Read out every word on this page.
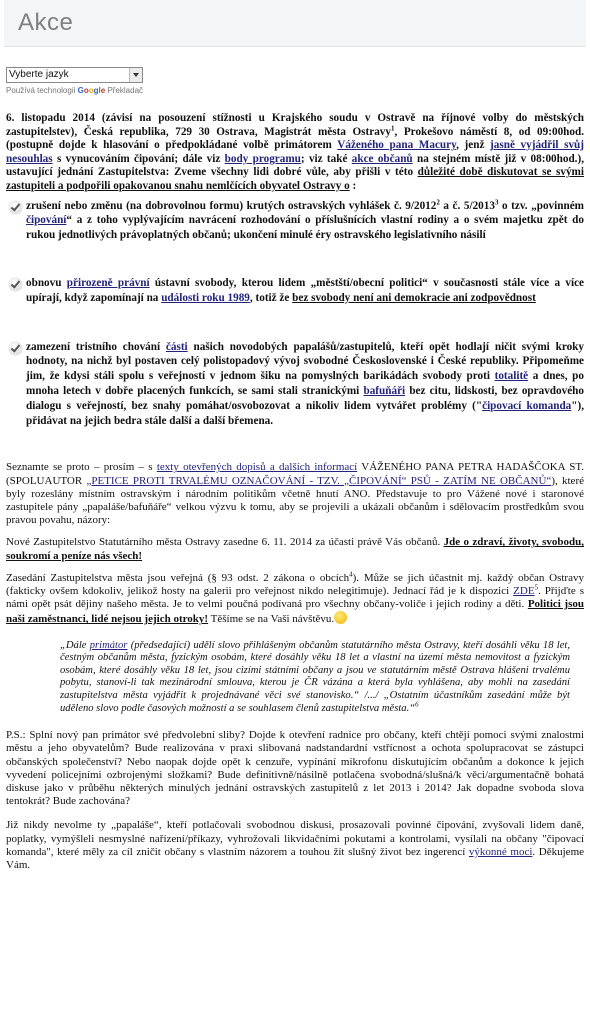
Akce
Vyberte jazyk
Používá technologii Google Překladač

6. listopadu 2014 (závisí na posouzení stížnosti u Krajského soudu v Ostravě na říjnové volby do městských zastupitelstev), Česká republika, 729 30 Ostrava, Magistrát města Ostravy$^1$, Prokešovo náměstí 8, od 09:00hod. (postupně dojde k hlasování o předpokládané volbě primátorem Váženého pana Macury, jenž jasně vyjádřil svůj nesouhlas s vynucováním čipování; dále viz body programu; viz také akce občanů na stejném místě již v 08:00hod.), ustavující jednání Zastupitelstva: Zveme všechny lidi dobré vůle, aby přišli v této důležité době diskutovat se svými zastupiteli a podpořili opakovanou snahu nemlčících obyvatel Ostravy o :

zrušení nebo změnu (na dobrovolnou formu) krutých ostravských vyhlášek č. 9/2012$^2$ a č. 5/2013$^3$ o tzv. „povinném čipování“ a z toho vyplývajícím navrácení rozhodování o příslušnících vlastní rodiny a o svém majetku zpět do rukou jednotlivých právoplatných občanů; ukončení minulé éry ostravského legislativního násilí
obnovu přirozeně právní ústavní svobody, kterou lidem „městští/obecní politici“ v současnosti stále více a více upírají, když zapomínají na události roku 1989, totiž že bez svobody není ani demokracie ani zodpovědnost
zamezení tristního chování části našich novodobých papalášů/zastupitelů, kteří opět hodlají ničit svými kroky hodnoty, na nichž byl postaven celý polistopadový vývoj svobodné Československé i České republiky. Připomeňme jim, že kdysi stáli spolu s veřejností v jednom šiku na pomyslných barikádách svobody proti totalitě a dnes, po mnoha letech v dobře placených funkcích, se sami stali stranickými bafuňáři bez citu, lidskosti, bez opravdového dialogu s veřejností, bez snahy pomáhat/osvobozovat a nikoliv lidem vytvářet problémy ("čipovací komanda"), přidávat na jejich bedra stále další a další břemena.

Seznamte se proto – prosím – s texty otevřených dopisů a dalších informací VÁŽENÉHO PANA PETRA HADAŠČOKA ST. (SPOLUAUTOR „PETICE PROTI TRVALÉMU OZNAČOVÁNÍ - TZV. „ČIPOVÁNÍ“ PSŮ - ZATÍM NE OBČANŮ“), které byly rozeslány místním ostravským i národním politikům včetně hnutí ANO. Představuje to pro Vážené nové i staronové zastupitele pány „papaláše/bafuňáře“ velkou výzvu k tomu, aby se projevili a ukázali občanům i sdělovacím prostředkům svou pravou povahu, názory:

Nové Zastupitelstvo Statutárního města Ostravy zasedne 6. 11. 2014 za účasti právě Vás občanů. Jde o zdraví, životy, svobodu, soukromí a peníze nás všech!

Zasedání Zastupitelstva města jsou veřejná (§ 93 odst. 2 zákona o obcích$^4$). Může se jich účastnit mj. každý občan Ostravy (fakticky ovšem kdokoliv, jelikož hosty na galerii pro veřejnost nikdo nelegitimuje). Jednací řád je k dispozici ZDE$^5$. Přijďte s námi opět psát dějiny našeho města. Je to velmi poučná podívaná pro všechny občany-voliče i jejich rodiny a děti. Politici jsou naši zaměstnanci, lidé nejsou jejich otroky! Těšíme se na Vaši návštěvu.

„Dále primátor (předsedající) udělí slovo přihlášeným občanům statutárního města Ostravy, kteří dosáhli věku 18 let, čestným občanům města, fyzickým osobám, které dosáhly věku 18 let a vlastní na území města nemovitost a fyzickým osobám, které dosáhly věku 18 let, jsou cizími státními občany a jsou ve statutárním městě Ostrava hlášeni trvalému pobytu, stanoví-li tak mezinárodní smlouva, kterou je ČR vázána a která byla vyhlášena, aby mohli na zasedání zastupitelstva města vyjádřit k projednávané věci své stanovisko.“ /.../ „Ostatním účastníkům zasedání může být uděleno slovo podle časových možností a se souhlasem členů zastupitelstva města.“$^6$

P.S.: Splní nový pan primátor své předvolební sliby? Dojde k otevření radnice pro občany, kteří chtějí pomoci svými znalostmi městu a jeho obyvatelům? Bude realizována v praxi slibovaná nadstandardní vstřícnost a ochota spolupracovat se zástupci občanských společenství? Nebo naopak dojde opět k cenzuře, vypínání mikrofonu diskutujícím občanům a dokonce k jejich vyvedení policejními ozbrojenými složkami? Bude definitivně/násilně potlačena svobodná/slušná/k věci/argumentačně bohatá diskuse jako v průběhu některých minulých jednání ostravských zastupitelů z let 2013 i 2014? Jak dopadne svoboda slova tentokrát? Bude zachována?

Již nikdy nevolme ty „papaláše“, kteří potlačovali svobodnou diskusi, prosazovali povinné čipování, zvyšovali lidem daně, poplatky, vymýšleli nesmyslné nařízení/příkazy, vyhrožovali likvidačními pokutami a kontrolami, vysílali na občany "čipovací komanda", které měly za cíl zničit občany s vlastním názorem a touhou žít slušný život bez ingerencí výkonné moci. Děkujeme Vám.
